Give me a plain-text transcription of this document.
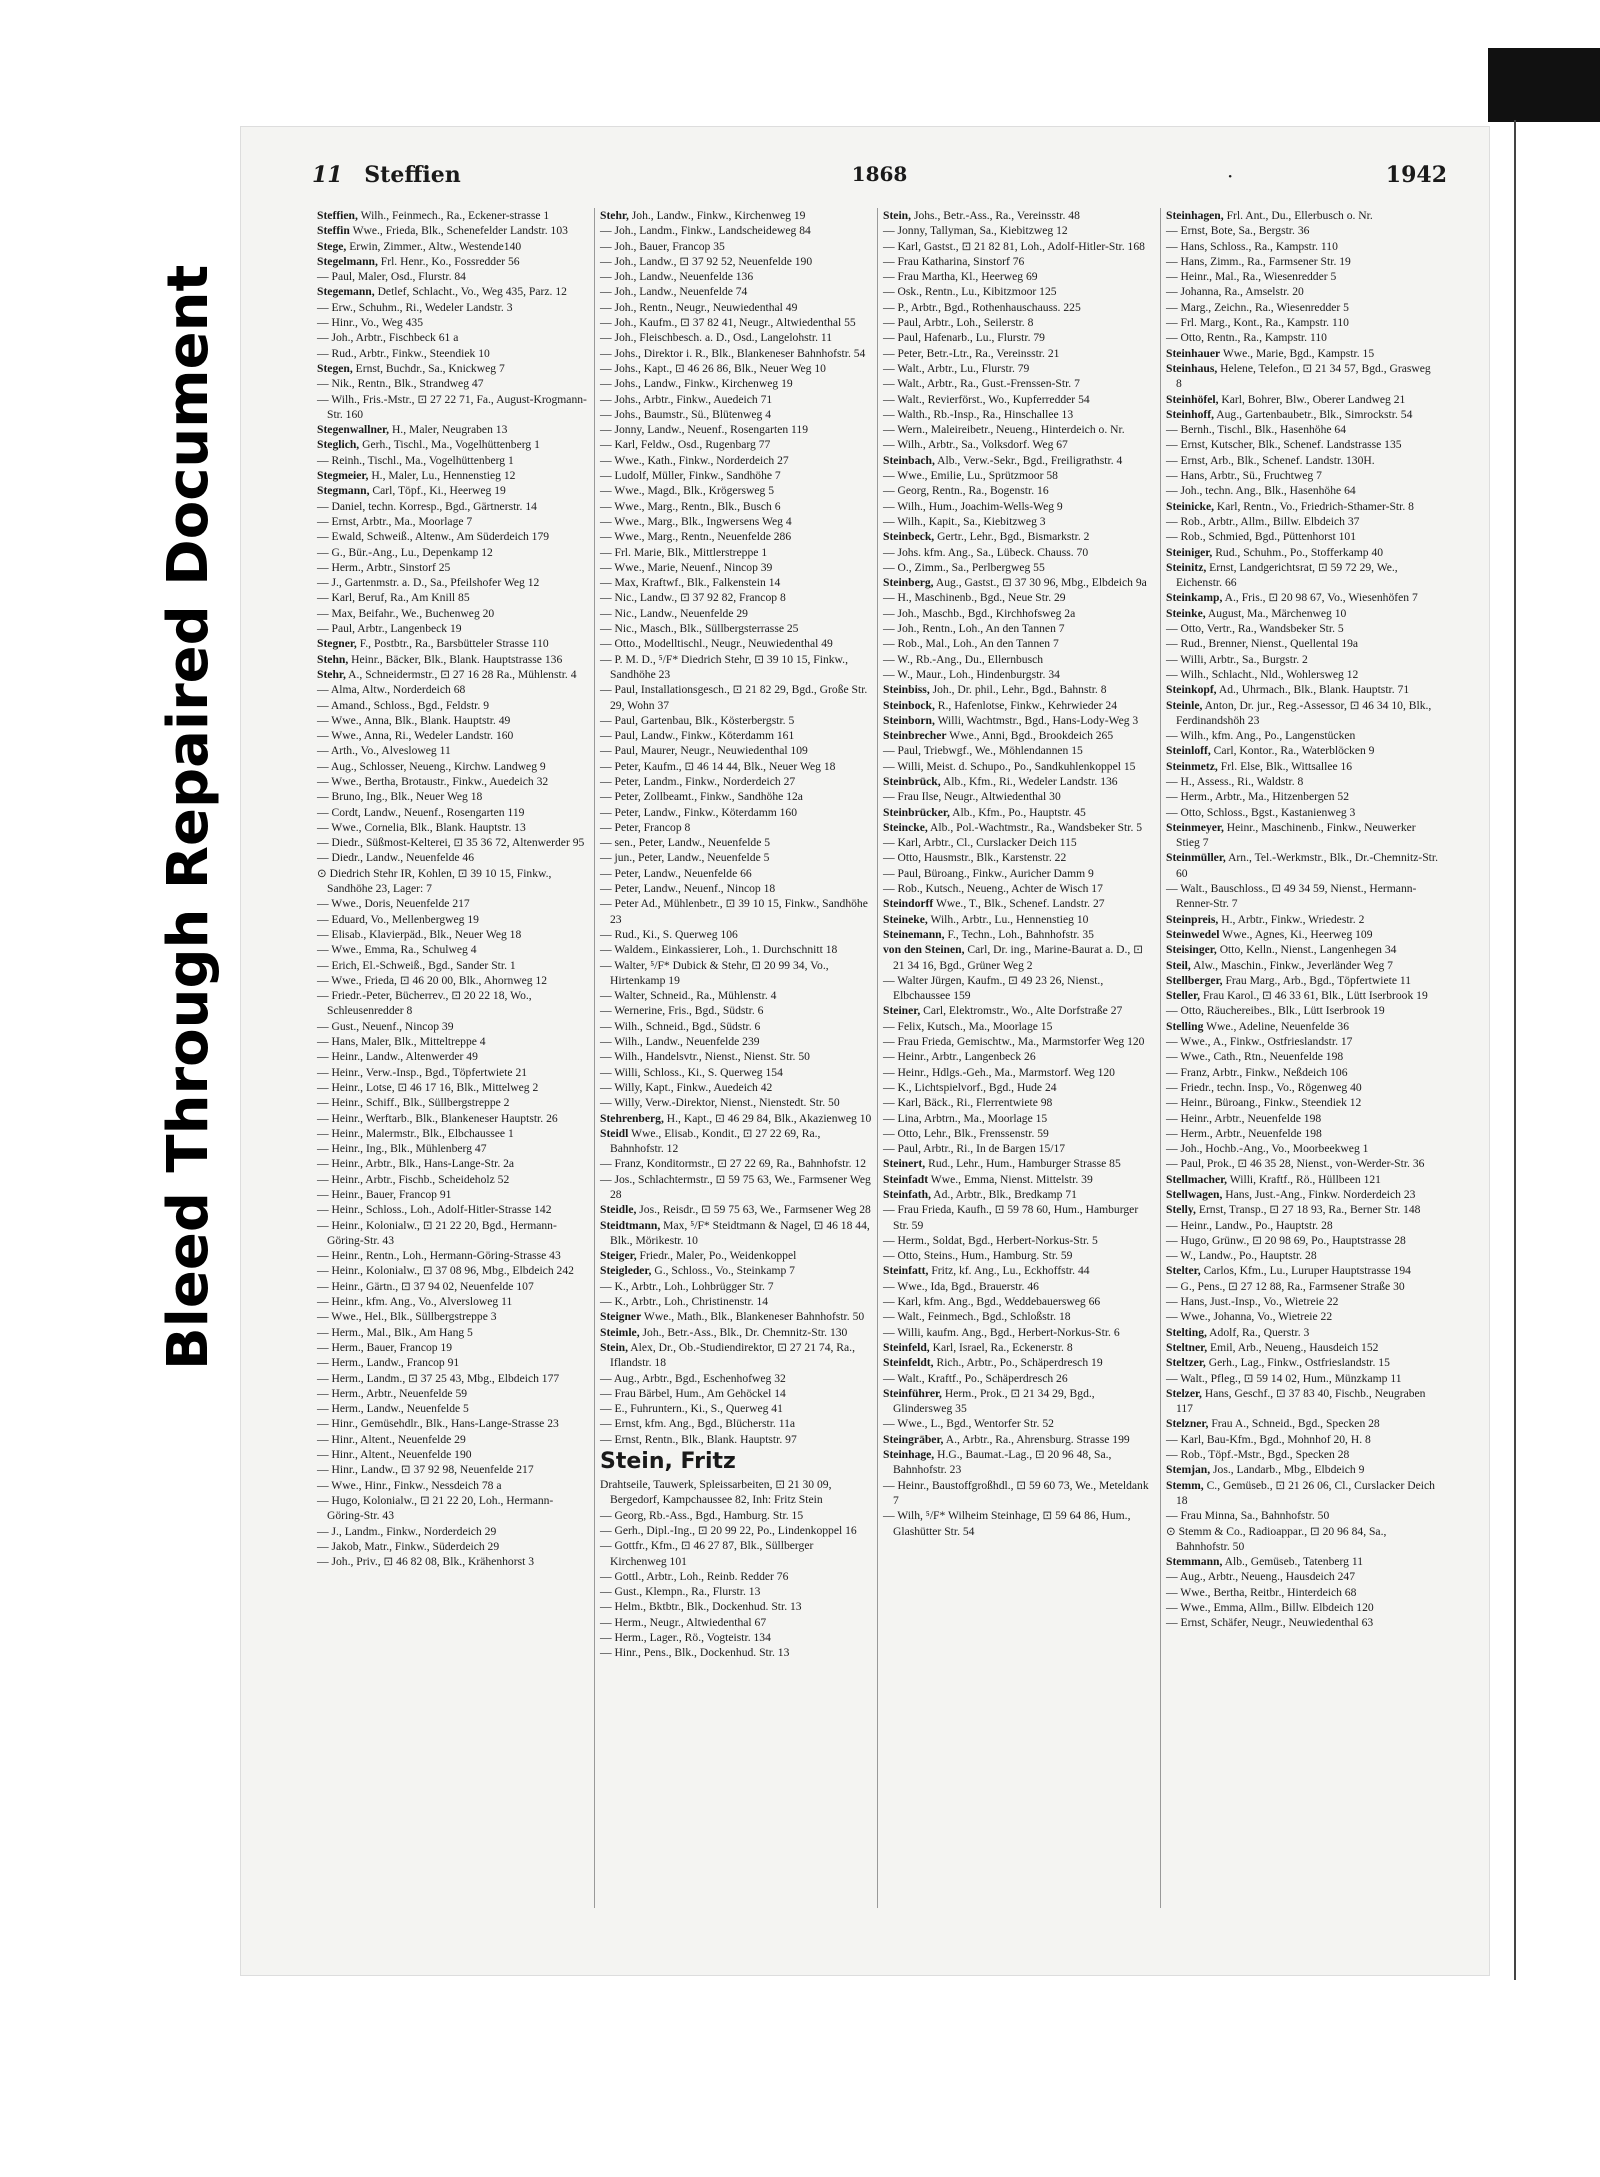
Bleed Through Repaired Document
11 Steffien	1868	·	1942

Steffien, Wilh., Feinmech., Ra., Eckener-strasse 1

Steffin Wwe., Frieda, Blk., Schenefelder Landstr. 103

Stege, Erwin, Zimmer., Altw., Westende140

Stegelmann, Frl. Henr., Ko., Fossredder 56

— Paul, Maler, Osd., Flurstr. 84

Stegemann, Detlef, Schlacht., Vo., Weg 435, Parz. 12

— Erw., Schuhm., Ri., Wedeler Landstr. 3

— Hinr., Vo., Weg 435

— Joh., Arbtr., Fischbeck 61 a

— Rud., Arbtr., Finkw., Steendiek 10

Stegen, Ernst, Buchdr., Sa., Knickweg 7

— Nik., Rentn., Blk., Strandweg 47

— Wilh., Fris.-Mstr., ⊡ 27 22 71, Fa., August-Krogmann-Str. 160

Stegenwallner, H., Maler, Neugraben 13

Steglich, Gerh., Tischl., Ma., Vogelhüttenberg 1

— Reinh., Tischl., Ma., Vogelhüttenberg 1

Stegmeier, H., Maler, Lu., Hennenstieg 12

Stegmann, Carl, Töpf., Ki., Heerweg 19

— Daniel, techn. Korresp., Bgd., Gärtnerstr. 14

— Ernst, Arbtr., Ma., Moorlage 7

— Ewald, Schweiß., Altenw., Am Süderdeich 179

— G., Bür.-Ang., Lu., Depenkamp 12

— Herm., Arbtr., Sinstorf 25

— J., Gartenmstr. a. D., Sa., Pfeilshofer Weg 12

— Karl, Beruf, Ra., Am Knill 85

— Max, Beifahr., We., Buchenweg 20

— Paul, Arbtr., Langenbeck 19

Stegner, F., Postbtr., Ra., Barsbütteler Strasse 110

Stehn, Heinr., Bäcker, Blk., Blank. Hauptstrasse 136

Stehr, A., Schneidermstr., ⊡ 27 16 28 Ra., Mühlenstr. 4

— Alma, Altw., Norderdeich 68

— Amand., Schloss., Bgd., Feldstr. 9

— Wwe., Anna, Blk., Blank. Hauptstr. 49

— Wwe., Anna, Ri., Wedeler Landstr. 160

— Arth., Vo., Alvesloweg 11

— Aug., Schlosser, Neueng., Kirchw. Landweg 9

— Wwe., Bertha, Brotaustr., Finkw., Auedeich 32

— Bruno, Ing., Blk., Neuer Weg 18

— Cordt, Landw., Neuenf., Rosengarten 119

— Wwe., Cornelia, Blk., Blank. Hauptstr. 13

— Diedr., Süßmost-Kelterei, ⊡ 35 36 72, Altenwerder 95

— Diedr., Landw., Neuenfelde 46

⊙ Diedrich Stehr IR, Kohlen, ⊡ 39 10 15, Finkw., Sandhöhe 23, Lager: 7

— Wwe., Doris, Neuenfelde 217

— Eduard, Vo., Mellenbergweg 19

— Elisab., Klavierpäd., Blk., Neuer Weg 18

— Wwe., Emma, Ra., Schulweg 4

— Erich, El.-Schweiß., Bgd., Sander Str. 1

— Wwe., Frieda, ⊡ 46 20 00, Blk., Ahornweg 12

— Friedr.-Peter, Bücherrev., ⊡ 20 22 18, Wo., Schleusenredder 8

— Gust., Neuenf., Nincop 39

— Hans, Maler, Blk., Mitteltreppe 4

— Heinr., Landw., Altenwerder 49

— Heinr., Verw.-Insp., Bgd., Töpfertwiete 21

— Heinr., Lotse, ⊡ 46 17 16, Blk., Mittelweg 2

— Heinr., Schiff., Blk., Süllbergstreppe 2

— Heinr., Werftarb., Blk., Blankeneser Hauptstr. 26

— Heinr., Malermstr., Blk., Elbchaussee 1

— Heinr., Ing., Blk., Mühlenberg 47

— Heinr., Arbtr., Blk., Hans-Lange-Str. 2a

— Heinr., Arbtr., Fischb., Scheideholz 52

— Heinr., Bauer, Francop 91

— Heinr., Schloss., Loh., Adolf-Hitler-Strasse 142

— Heinr., Kolonialw., ⊡ 21 22 20, Bgd., Hermann-Göring-Str. 43

— Heinr., Rentn., Loh., Hermann-Göring-Strasse 43

— Heinr., Kolonialw., ⊡ 37 08 96, Mbg., Elbdeich 242

— Heinr., Gärtn., ⊡ 37 94 02, Neuenfelde 107

— Heinr., kfm. Ang., Vo., Alversloweg 11

— Wwe., Hel., Blk., Süllbergstreppe 3

— Herm., Mal., Blk., Am Hang 5

— Herm., Bauer, Francop 19

— Herm., Landw., Francop 91

— Herm., Landm., ⊡ 37 25 43, Mbg., Elbdeich 177

— Herm., Arbtr., Neuenfelde 59

— Herm., Landw., Neuenfelde 5

— Hinr., Gemüsehdlr., Blk., Hans-Lange-Strasse 23

— Hinr., Altent., Neuenfelde 29

— Hinr., Altent., Neuenfelde 190

— Hinr., Landw., ⊡ 37 92 98, Neuenfelde 217

— Wwe., Hinr., Finkw., Nessdeich 78 a

— Hugo, Kolonialw., ⊡ 21 22 20, Loh., Hermann-Göring-Str. 43

— J., Landm., Finkw., Norderdeich 29

— Jakob, Matr., Finkw., Süderdeich 29

— Joh., Priv., ⊡ 46 82 08, Blk., Krähenhorst 3

Stehr, Joh., Landw., Finkw., Kirchenweg 19

— Joh., Landm., Finkw., Landscheideweg 84

— Joh., Bauer, Francop 35

— Joh., Landw., ⊡ 37 92 52, Neuenfelde 190

— Joh., Landw., Neuenfelde 136

— Joh., Landw., Neuenfelde 74

— Joh., Rentn., Neugr., Neuwiedenthal 49

— Joh., Kaufm., ⊡ 37 82 41, Neugr., Altwiedenthal 55

— Joh., Fleischbesch. a. D., Osd., Langelohstr. 11

— Johs., Direktor i. R., Blk., Blankeneser Bahnhofstr. 54

— Johs., Kapt., ⊡ 46 26 86, Blk., Neuer Weg 10

— Johs., Landw., Finkw., Kirchenweg 19

— Johs., Arbtr., Finkw., Auedeich 71

— Johs., Baumstr., Sü., Blütenweg 4

— Jonny, Landw., Neuenf., Rosengarten 119

— Karl, Feldw., Osd., Rugenbarg 77

— Wwe., Kath., Finkw., Norderdeich 27

— Ludolf, Müller, Finkw., Sandhöhe 7

— Wwe., Magd., Blk., Krögersweg 5

— Wwe., Marg., Rentn., Blk., Busch 6

— Wwe., Marg., Blk., Ingwersens Weg 4

— Wwe., Marg., Rentn., Neuenfelde 286

— Frl. Marie, Blk., Mittlerstreppe 1

— Wwe., Marie, Neuenf., Nincop 39

— Max, Kraftwf., Blk., Falkenstein 14

— Nic., Landw., ⊡ 37 92 82, Francop 8

— Nic., Landw., Neuenfelde 29

— Nic., Masch., Blk., Süllbergsterrasse 25

— Otto., Modelltischl., Neugr., Neuwiedenthal 49

— P. M. D., ⁵/F* Diedrich Stehr, ⊡ 39 10 15, Finkw., Sandhöhe 23

— Paul, Installationsgesch., ⊡ 21 82 29, Bgd., Große Str. 29, Wohn 37

— Paul, Gartenbau, Blk., Kösterbergstr. 5

— Paul, Landw., Finkw., Köterdamm 161

— Paul, Maurer, Neugr., Neuwiedenthal 109

— Peter, Kaufm., ⊡ 46 14 44, Blk., Neuer Weg 18

— Peter, Landm., Finkw., Norderdeich 27

— Peter, Zollbeamt., Finkw., Sandhöhe 12a

— Peter, Landw., Finkw., Köterdamm 160

— Peter, Francop 8

— sen., Peter, Landw., Neuenfelde 5

— jun., Peter, Landw., Neuenfelde 5

— Peter, Landw., Neuenfelde 66

— Peter, Landw., Neuenf., Nincop 18

— Peter Ad., Mühlenbetr., ⊡ 39 10 15, Finkw., Sandhöhe 23

— Rud., Ki., S. Querweg 106

— Waldem., Einkassierer, Loh., 1. Durchschnitt 18

— Walter, ⁵/F* Dubick & Stehr, ⊡ 20 99 34, Vo., Hirtenkamp 19

— Walter, Schneid., Ra., Mühlenstr. 4

— Wernerine, Fris., Bgd., Südstr. 6

— Wilh., Schneid., Bgd., Südstr. 6

— Wilh., Landw., Neuenfelde 239

— Wilh., Handelsvtr., Nienst., Nienst. Str. 50

— Willi, Schloss., Ki., S. Querweg 154

— Willy, Kapt., Finkw., Auedeich 42

— Willy, Verw.-Direktor, Nienst., Nienstedt. Str. 50

Stehrenberg, H., Kapt., ⊡ 46 29 84, Blk., Akazienweg 10

Steidl Wwe., Elisab., Kondit., ⊡ 27 22 69, Ra., Bahnhofstr. 12

— Franz, Konditormstr., ⊡ 27 22 69, Ra., Bahnhofstr. 12

— Jos., Schlachtermstr., ⊡ 59 75 63, We., Farmsener Weg 28

Steidle, Jos., Reisdr., ⊡ 59 75 63, We., Farmsener Weg 28

Steidtmann, Max, ⁵/F* Steidtmann & Nagel, ⊡ 46 18 44, Blk., Mörikestr. 10

Steiger, Friedr., Maler, Po., Weidenkoppel

Steigleder, G., Schloss., Vo., Steinkamp 7

— K., Arbtr., Loh., Lohbrügger Str. 7

— K., Arbtr., Loh., Christinenstr. 14

Steigner Wwe., Math., Blk., Blankeneser Bahnhofstr. 50

Steimle, Joh., Betr.-Ass., Blk., Dr. Chemnitz-Str. 130

Stein, Alex, Dr., Ob.-Studiendirektor, ⊡ 27 21 74, Ra., Iflandstr. 18

— Aug., Arbtr., Bgd., Eschenhofweg 32

— Frau Bärbel, Hum., Am Gehöckel 14

— E., Fuhruntern., Ki., S., Querweg 41

— Ernst, kfm. Ang., Bgd., Blücherstr. 11a

— Ernst, Rentn., Blk., Blank. Hauptstr. 97

Stein, Fritz

Drahtseile, Tauwerk, Spleissarbeiten, ⊡ 21 30 09, Bergedorf, Kampchaussee 82, Inh: Fritz Stein

— Georg, Rb.-Ass., Bgd., Hamburg. Str. 15

— Gerh., Dipl.-Ing., ⊡ 20 99 22, Po., Lindenkoppel 16

— Gottfr., Kfm., ⊡ 46 27 87, Blk., Süllberger Kirchenweg 101

— Gottl., Arbtr., Loh., Reinb. Redder 76

— Gust., Klempn., Ra., Flurstr. 13

— Helm., Bktbtr., Blk., Dockenhud. Str. 13

— Herm., Neugr., Altwiedenthal 67

— Herm., Lager., Rö., Vogteistr. 134

— Hinr., Pens., Blk., Dockenhud. Str. 13

Stein, Johs., Betr.-Ass., Ra., Vereinsstr. 48

— Jonny, Tallyman, Sa., Kiebitzweg 12

— Karl, Gastst., ⊡ 21 82 81, Loh., Adolf-Hitler-Str. 168

— Frau Katharina, Sinstorf 76

— Frau Martha, Kl., Heerweg 69

— Osk., Rentn., Lu., Kibitzmoor 125

— P., Arbtr., Bgd., Rothenhauschauss. 225

— Paul, Arbtr., Loh., Seilerstr. 8

— Paul, Hafenarb., Lu., Flurstr. 79

— Peter, Betr.-Ltr., Ra., Vereinsstr. 21

— Walt., Arbtr., Lu., Flurstr. 79

— Walt., Arbtr., Ra., Gust.-Frenssen-Str. 7

— Walt., Revierförst., Wo., Kupferredder 54

— Walth., Rb.-Insp., Ra., Hinschallee 13

— Wern., Maleireibetr., Neueng., Hinterdeich o. Nr.

— Wilh., Arbtr., Sa., Volksdorf. Weg 67

Steinbach, Alb., Verw.-Sekr., Bgd., Freiligrathstr. 4

— Wwe., Emilie, Lu., Sprützmoor 58

— Georg, Rentn., Ra., Bogenstr. 16

— Wilh., Hum., Joachim-Wells-Weg 9

— Wilh., Kapit., Sa., Kiebitzweg 3

Steinbeck, Gertr., Lehr., Bgd., Bismarkstr. 2

— Johs. kfm. Ang., Sa., Lübeck. Chauss. 70

— O., Zimm., Sa., Perlbergweg 55

Steinberg, Aug., Gastst., ⊡ 37 30 96, Mbg., Elbdeich 9a

— H., Maschinenb., Bgd., Neue Str. 29

— Joh., Maschb., Bgd., Kirchhofsweg 2a

— Joh., Rentn., Loh., An den Tannen 7

— Rob., Mal., Loh., An den Tannen 7

— W., Rb.-Ang., Du., Ellernbusch

— W., Maur., Loh., Hindenburgstr. 34

Steinbiss, Joh., Dr. phil., Lehr., Bgd., Bahnstr. 8

Steinbock, R., Hafenlotse, Finkw., Kehrwieder 24

Steinborn, Willi, Wachtmstr., Bgd., Hans-Lody-Weg 3

Steinbrecher Wwe., Anni, Bgd., Brookdeich 265

— Paul, Triebwgf., We., Möhlendannen 15

— Willi, Meist. d. Schupo., Po., Sandkuhlenkoppel 15

Steinbrück, Alb., Kfm., Ri., Wedeler Landstr. 136

— Frau Ilse, Neugr., Altwiedenthal 30

Steinbrücker, Alb., Kfm., Po., Hauptstr. 45

Steincke, Alb., Pol.-Wachtmstr., Ra., Wandsbeker Str. 5

— Karl, Arbtr., Cl., Curslacker Deich 115

— Otto, Hausmstr., Blk., Karstenstr. 22

— Paul, Büroang., Finkw., Auricher Damm 9

— Rob., Kutsch., Neueng., Achter de Wisch 17

Steindorff Wwe., T., Blk., Schenef. Landstr. 27

Steineke, Wilh., Arbtr., Lu., Hennenstieg 10

Steinemann, F., Techn., Loh., Bahnhofstr. 35

von den Steinen, Carl, Dr. ing., Marine-Baurat a. D., ⊡ 21 34 16, Bgd., Grüner Weg 2

— Walter Jürgen, Kaufm., ⊡ 49 23 26, Nienst., Elbchaussee 159

Steiner, Carl, Elektromstr., Wo., Alte Dorfstraße 27

— Felix, Kutsch., Ma., Moorlage 15

— Frau Frieda, Gemischtw., Ma., Marmstorfer Weg 120

— Heinr., Arbtr., Langenbeck 26

— Heinr., Hdlgs.-Geh., Ma., Marmstorf. Weg 120

— K., Lichtspielvorf., Bgd., Hude 24

— Karl, Bäck., Ri., Flerrentwiete 98

— Lina, Arbtrn., Ma., Moorlage 15

— Otto, Lehr., Blk., Frenssenstr. 59

— Paul, Arbtr., Ri., In de Bargen 15/17

Steinert, Rud., Lehr., Hum., Hamburger Strasse 85

Steinfadt Wwe., Emma, Nienst. Mittelstr. 39

Steinfath, Ad., Arbtr., Blk., Bredkamp 71

— Frau Frieda, Kaufh., ⊡ 59 78 60, Hum., Hamburger Str. 59

— Herm., Soldat, Bgd., Herbert-Norkus-Str. 5

— Otto, Steins., Hum., Hamburg. Str. 59

Steinfatt, Fritz, kf. Ang., Lu., Eckhoffstr. 44

— Wwe., Ida, Bgd., Brauerstr. 46

— Karl, kfm. Ang., Bgd., Weddebauersweg 66

— Walt., Feinmech., Bgd., Schloßstr. 18

— Willi, kaufm. Ang., Bgd., Herbert-Norkus-Str. 6

Steinfeld, Karl, Israel, Ra., Eckenerstr. 8

Steinfeldt, Rich., Arbtr., Po., Schäperdresch 19

— Walt., Kraftf., Po., Schäperdresch 26

Steinführer, Herm., Prok., ⊡ 21 34 29, Bgd., Glindersweg 35

— Wwe., L., Bgd., Wentorfer Str. 52

Steingräber, A., Arbtr., Ra., Ahrensburg. Strasse 199

Steinhage, H.G., Baumat.-Lag., ⊡ 20 96 48, Sa., Bahnhofstr. 23

— Heinr., Baustoffgroßhdl., ⊡ 59 60 73, We., Meteldank 7

— Wilh, ⁵/F* Wilheim Steinhage, ⊡ 59 64 86, Hum., Glashütter Str. 54

Steinhagen, Frl. Ant., Du., Ellerbusch o. Nr.

— Ernst, Bote, Sa., Bergstr. 36

— Hans, Schloss., Ra., Kampstr. 110

— Hans, Zimm., Ra., Farmsener Str. 19

— Heinr., Mal., Ra., Wiesenredder 5

— Johanna, Ra., Amselstr. 20

— Marg., Zeichn., Ra., Wiesenredder 5

— Frl. Marg., Kont., Ra., Kampstr. 110

— Otto, Rentn., Ra., Kampstr. 110

Steinhauer Wwe., Marie, Bgd., Kampstr. 15

Steinhaus, Helene, Telefon., ⊡ 21 34 57, Bgd., Grasweg 8

Steinhöfel, Karl, Bohrer, Blw., Oberer Landweg 21

Steinhoff, Aug., Gartenbaubetr., Blk., Simrockstr. 54

— Bernh., Tischl., Blk., Hasenhöhe 64

— Ernst, Kutscher, Blk., Schenef. Landstrasse 135

— Ernst, Arb., Blk., Schenef. Landstr. 130H.

— Hans, Arbtr., Sü., Fruchtweg 7

— Joh., techn. Ang., Blk., Hasenhöhe 64

Steinicke, Karl, Rentn., Vo., Friedrich-Sthamer-Str. 8

— Rob., Arbtr., Allm., Billw. Elbdeich 37

— Rob., Schmied, Bgd., Püttenhorst 101

Steiniger, Rud., Schuhm., Po., Stofferkamp 40

Steinitz, Ernst, Landgerichtsrat, ⊡ 59 72 29, We., Eichenstr. 66

Steinkamp, A., Fris., ⊡ 20 98 67, Vo., Wiesenhöfen 7

Steinke, August, Ma., Märchenweg 10

— Otto, Vertr., Ra., Wandsbeker Str. 5

— Rud., Brenner, Nienst., Quellental 19a

— Willi, Arbtr., Sa., Burgstr. 2

— Wilh., Schlacht., Nld., Wohlersweg 12

Steinkopf, Ad., Uhrmach., Blk., Blank. Hauptstr. 71

Steinle, Anton, Dr. jur., Reg.-Assessor, ⊡ 46 34 10, Blk., Ferdinandshöh 23

— Wilh., kfm. Ang., Po., Langenstücken

Steinloff, Carl, Kontor., Ra., Waterblöcken 9

Steinmetz, Frl. Else, Blk., Wittsallee 16

— H., Assess., Ri., Waldstr. 8

— Herm., Arbtr., Ma., Hitzenbergen 52

— Otto, Schloss., Bgst., Kastanienweg 3

Steinmeyer, Heinr., Maschinenb., Finkw., Neuwerker Stieg 7

Steinmüller, Arn., Tel.-Werkmstr., Blk., Dr.-Chemnitz-Str. 60

— Walt., Bauschloss., ⊡ 49 34 59, Nienst., Hermann-Renner-Str. 7

Steinpreis, H., Arbtr., Finkw., Wriedestr. 2

Steinwedel Wwe., Agnes, Ki., Heerweg 109

Steisinger, Otto, Kelln., Nienst., Langenhegen 34

Steil, Alw., Maschin., Finkw., Jeverländer Weg 7

Stellberger, Frau Marg., Arb., Bgd., Töpfertwiete 11

Steller, Frau Karol., ⊡ 46 33 61, Blk., Lütt Iserbrook 19

— Otto, Räuchereibes., Blk., Lütt Iserbrook 19

Stelling Wwe., Adeline, Neuenfelde 36

— Wwe., A., Finkw., Ostfrieslandstr. 17

— Wwe., Cath., Rtn., Neuenfelde 198

— Franz, Arbtr., Finkw., Neßdeich 106

— Friedr., techn. Insp., Vo., Rögenweg 40

— Heinr., Büroang., Finkw., Steendiek 12

— Heinr., Arbtr., Neuenfelde 198

— Herm., Arbtr., Neuenfelde 198

— Joh., Hochb.-Ang., Vo., Moorbeekweg 1

— Paul, Prok., ⊡ 46 35 28, Nienst., von-Werder-Str. 36

Stellmacher, Willi, Kraftf., Rö., Hüllbeen 121

Stellwagen, Hans, Just.-Ang., Finkw. Norderdeich 23

Stelly, Ernst, Transp., ⊡ 27 18 93, Ra., Berner Str. 148

— Heinr., Landw., Po., Hauptstr. 28

— Hugo, Grünw., ⊡ 20 98 69, Po., Hauptstrasse 28

— W., Landw., Po., Hauptstr. 28

Stelter, Carlos, Kfm., Lu., Luruper Hauptstrasse 194

— G., Pens., ⊡ 27 12 88, Ra., Farmsener Straße 30

— Hans, Just.-Insp., Vo., Wietreie 22

— Wwe., Johanna, Vo., Wietreie 22

Stelting, Adolf, Ra., Querstr. 3

Steltner, Emil, Arb., Neueng., Hausdeich 152

Steltzer, Gerh., Lag., Finkw., Ostfrieslandstr. 15

— Walt., Pfleg., ⊡ 59 14 02, Hum., Münzkamp 11

Stelzer, Hans, Geschf., ⊡ 37 83 40, Fischb., Neugraben 117

Stelzner, Frau A., Schneid., Bgd., Specken 28

— Karl, Bau-Kfm., Bgd., Mohnhof 20, H. 8

— Rob., Töpf.-Mstr., Bgd., Specken 28

Stemjan, Jos., Landarb., Mbg., Elbdeich 9

Stemm, C., Gemüseb., ⊡ 21 26 06, Cl., Curslacker Deich 18

— Frau Minna, Sa., Bahnhofstr. 50

⊙ Stemm & Co., Radioappar., ⊡ 20 96 84, Sa., Bahnhofstr. 50

Stemmann, Alb., Gemüseb., Tatenberg 11

— Aug., Arbtr., Neueng., Hausdeich 247

— Wwe., Bertha, Reitbr., Hinterdeich 68

— Wwe., Emma, Allm., Billw. Elbdeich 120

— Ernst, Schäfer, Neugr., Neuwiedenthal 63
